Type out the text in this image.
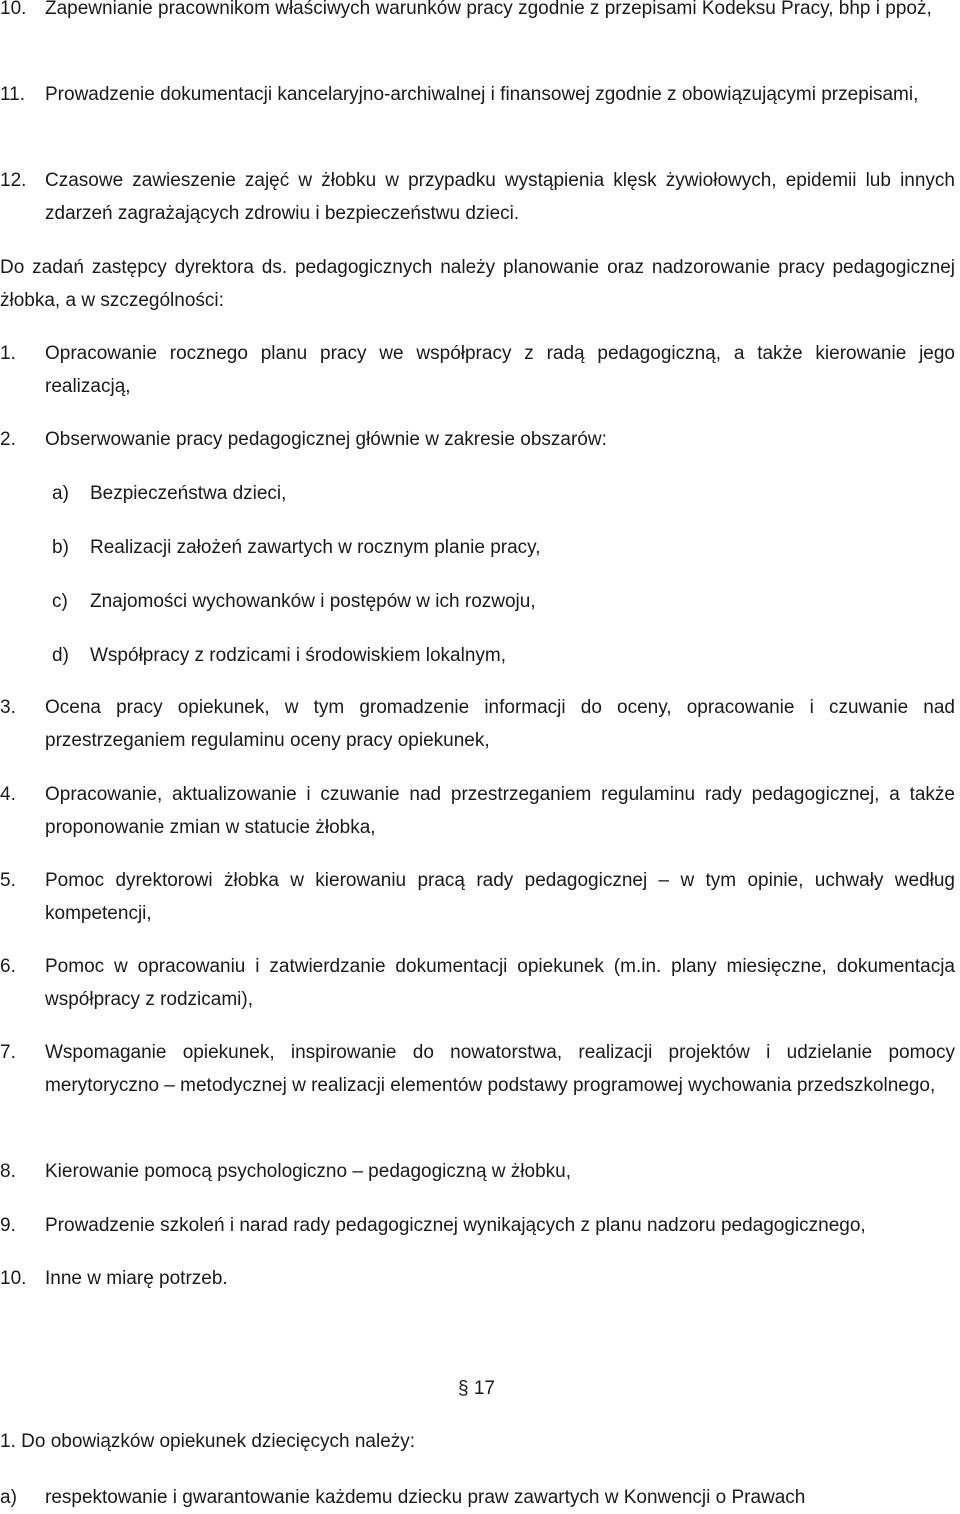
10. Zapewnianie pracownikom właściwych warunków pracy zgodnie z przepisami Kodeksu Pracy, bhp i ppoż,
11. Prowadzenie dokumentacji kancelaryjno-archiwalnej i finansowej zgodnie z obowiązującymi przepisami,
12. Czasowe zawieszenie zajęć w żłobku w przypadku wystąpienia klęsk żywiołowych, epidemii lub innych zdarzeń zagrażających zdrowiu i bezpieczeństwu dzieci.
Do zadań zastępcy dyrektora ds. pedagogicznych należy planowanie oraz nadzorowanie pracy pedagogicznej żłobka, a w szczególności:
1. Opracowanie rocznego planu pracy we współpracy z radą pedagogiczną, a także kierowanie jego realizacją,
2. Obserwowanie pracy pedagogicznej głównie w zakresie obszarów:
a) Bezpieczeństwa dzieci,
b) Realizacji założeń zawartych w rocznym planie pracy,
c) Znajomości wychowanków i postępów w ich rozwoju,
d) Współpracy z rodzicami i środowiskiem lokalnym,
3. Ocena pracy opiekunek, w tym gromadzenie informacji do oceny, opracowanie i czuwanie nad przestrzeganiem regulaminu oceny pracy opiekunek,
4. Opracowanie, aktualizowanie i czuwanie nad przestrzeganiem regulaminu rady pedagogicznej, a także proponowanie zmian w statucie żłobka,
5. Pomoc dyrektorowi żłobka w kierowaniu pracą rady pedagogicznej – w tym opinie, uchwały według kompetencji,
6. Pomoc w opracowaniu i zatwierdzanie dokumentacji opiekunek (m.in. plany miesięczne, dokumentacja współpracy z rodzicami),
7. Wspomaganie opiekunek, inspirowanie do nowatorstwa, realizacji projektów i udzielanie pomocy merytoryczno – metodycznej w realizacji elementów podstawy programowej wychowania przedszkolnego,
8. Kierowanie pomocą psychologiczno – pedagogiczną w żłobku,
9. Prowadzenie szkoleń i narad rady pedagogicznej wynikających z planu nadzoru pedagogicznego,
10. Inne w miarę potrzeb.
§ 17
1. Do obowiązków opiekunek dziecięcych należy:
a) respektowanie i gwarantowanie każdemu dziecku praw zawartych w Konwencji o Prawach
